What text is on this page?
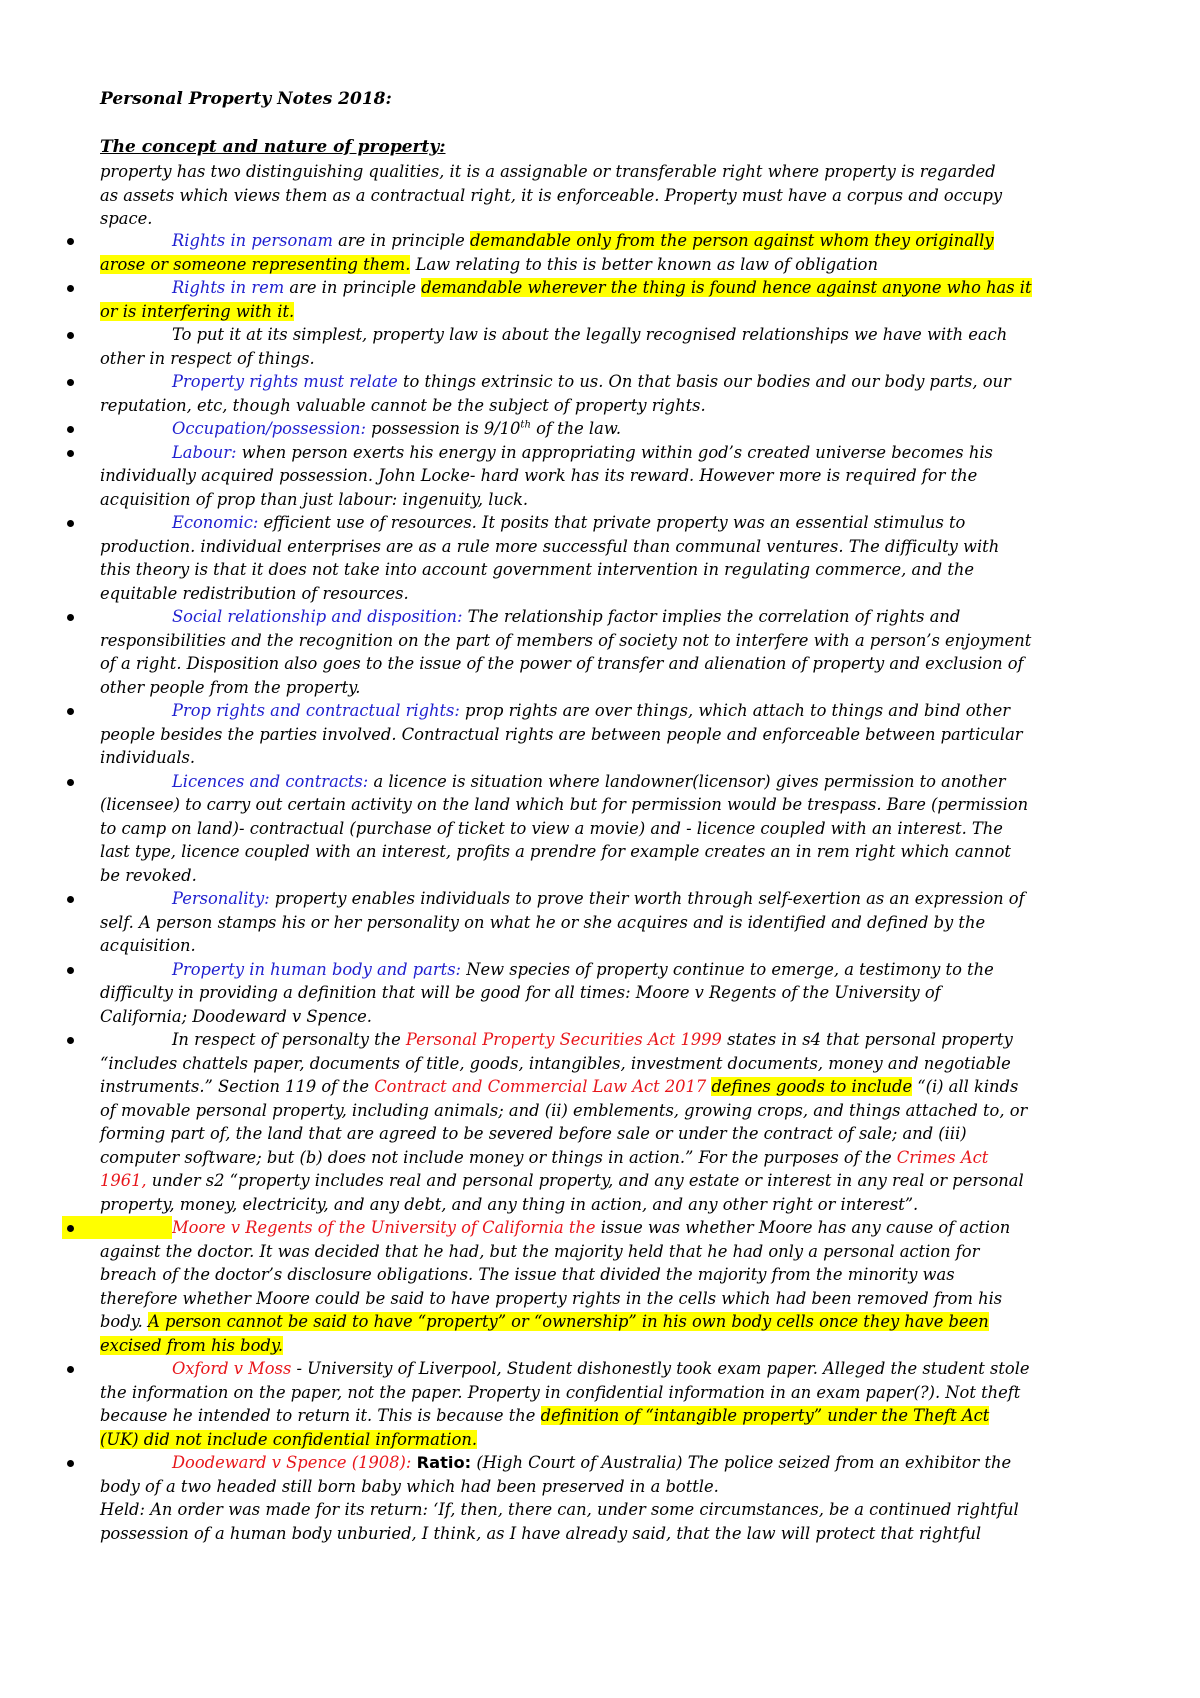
Personal Property Notes 2018:
The concept and nature of property:
property has two distinguishing qualities, it is a assignable or transferable right where property is regarded as assets which views them as a contractual right, it is enforceable. Property must have a corpus and occupy space.
Rights in personam are in principle demandable only from the person against whom they originally arose or someone representing them. Law relating to this is better known as law of obligation
Rights in rem are in principle demandable wherever the thing is found hence against anyone who has it or is interfering with it.
To put it at its simplest, property law is about the legally recognised relationships we have with each other in respect of things.
Property rights must relate to things extrinsic to us. On that basis our bodies and our body parts, our reputation, etc, though valuable cannot be the subject of property rights.
Occupation/possession: possession is 9/10th of the law.
Labour: when person exerts his energy in appropriating within god’s created universe becomes his individually acquired possession. John Locke- hard work has its reward. However more is required for the acquisition of prop than just labour: ingenuity, luck.
Economic: efficient use of resources. It posits that private property was an essential stimulus to production. individual enterprises are as a rule more successful than communal ventures. The difficulty with this theory is that it does not take into account government intervention in regulating commerce, and the equitable redistribution of resources.
Social relationship and disposition: The relationship factor implies the correlation of rights and responsibilities and the recognition on the part of members of society not to interfere with a person’s enjoyment of a right. Disposition also goes to the issue of the power of transfer and alienation of property and exclusion of other people from the property.
Prop rights and contractual rights: prop rights are over things, which attach to things and bind other people besides the parties involved. Contractual rights are between people and enforceable between particular individuals.
Licences and contracts: a licence is situation where landowner(licensor) gives permission to another (licensee) to carry out certain activity on the land which but for permission would be trespass. Bare (permission to camp on land)- contractual (purchase of ticket to view a movie) and - licence coupled with an interest. The last type, licence coupled with an interest, profits a prendre for example creates an in rem right which cannot be revoked.
Personality: property enables individuals to prove their worth through self-exertion as an expression of self. A person stamps his or her personality on what he or she acquires and is identified and defined by the acquisition.
Property in human body and parts: New species of property continue to emerge, a testimony to the difficulty in providing a definition that will be good for all times: Moore v Regents of the University of California; Doodeward v Spence.
In respect of personalty the Personal Property Securities Act 1999 states in s4 that personal property “includes chattels paper, documents of title, goods, intangibles, investment documents, money and negotiable instruments.” Section 119 of the Contract and Commercial Law Act 2017 defines goods to include “(i) all kinds of movable personal property, including animals; and (ii) emblements, growing crops, and things attached to, or forming part of, the land that are agreed to be severed before sale or under the contract of sale; and (iii) computer software; but (b) does not include money or things in action.” For the purposes of the Crimes Act 1961, under s2 “property includes real and personal property, and any estate or interest in any real or personal property, money, electricity, and any debt, and any thing in action, and any other right or interest”.
Moore v Regents of the University of California the issue was whether Moore has any cause of action against the doctor. It was decided that he had, but the majority held that he had only a personal action for breach of the doctor’s disclosure obligations. The issue that divided the majority from the minority was therefore whether Moore could be said to have property rights in the cells which had been removed from his body. A person cannot be said to have “property” or “ownership” in his own body cells once they have been excised from his body.
Oxford v Moss - University of Liverpool, Student dishonestly took exam paper. Alleged the student stole the information on the paper, not the paper. Property in confidential information in an exam paper(?). Not theft because he intended to return it. This is because the definition of “intangible property” under the Theft Act (UK) did not include confidential information.
Doodeward v Spence (1908): Ratio: (High Court of Australia) The police seized from an exhibitor the body of a two headed still born baby which had been preserved in a bottle.
Held: An order was made for its return: ‘If, then, there can, under some circumstances, be a continued rightful possession of a human body unburied, I think, as I have already said, that the law will protect that rightful
